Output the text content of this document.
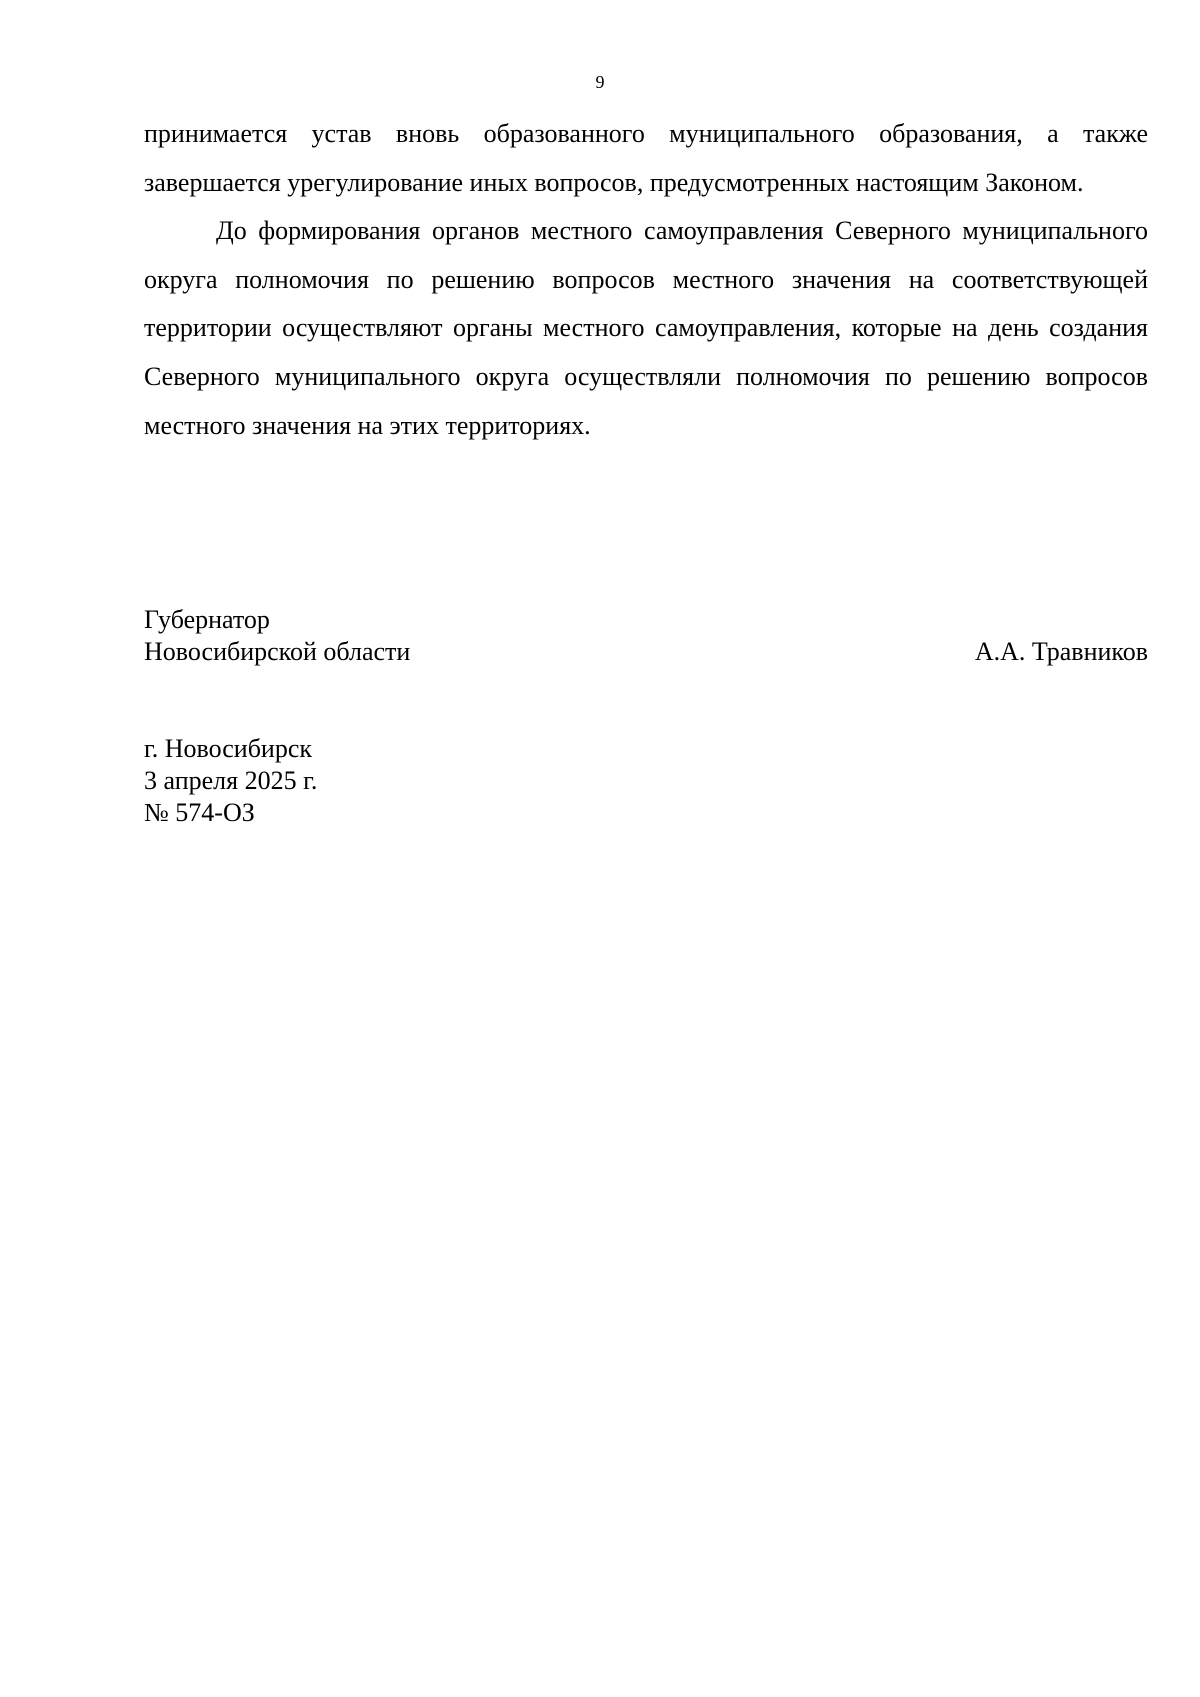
9

принимается устав вновь образованного муниципального образования, а также завершается урегулирование иных вопросов, предусмотренных настоящим Законом.

До формирования органов местного самоуправления Северного муниципального округа полномочия по решению вопросов местного значения на соответствующей территории осуществляют органы местного самоуправления, которые на день создания Северного муниципального округа осуществляли полномочия по решению вопросов местного значения на этих территориях.

Губернатор
Новосибирской области	А.А. Травников
г. Новосибирск
3 апреля 2025 г.
№ 574-ОЗ
